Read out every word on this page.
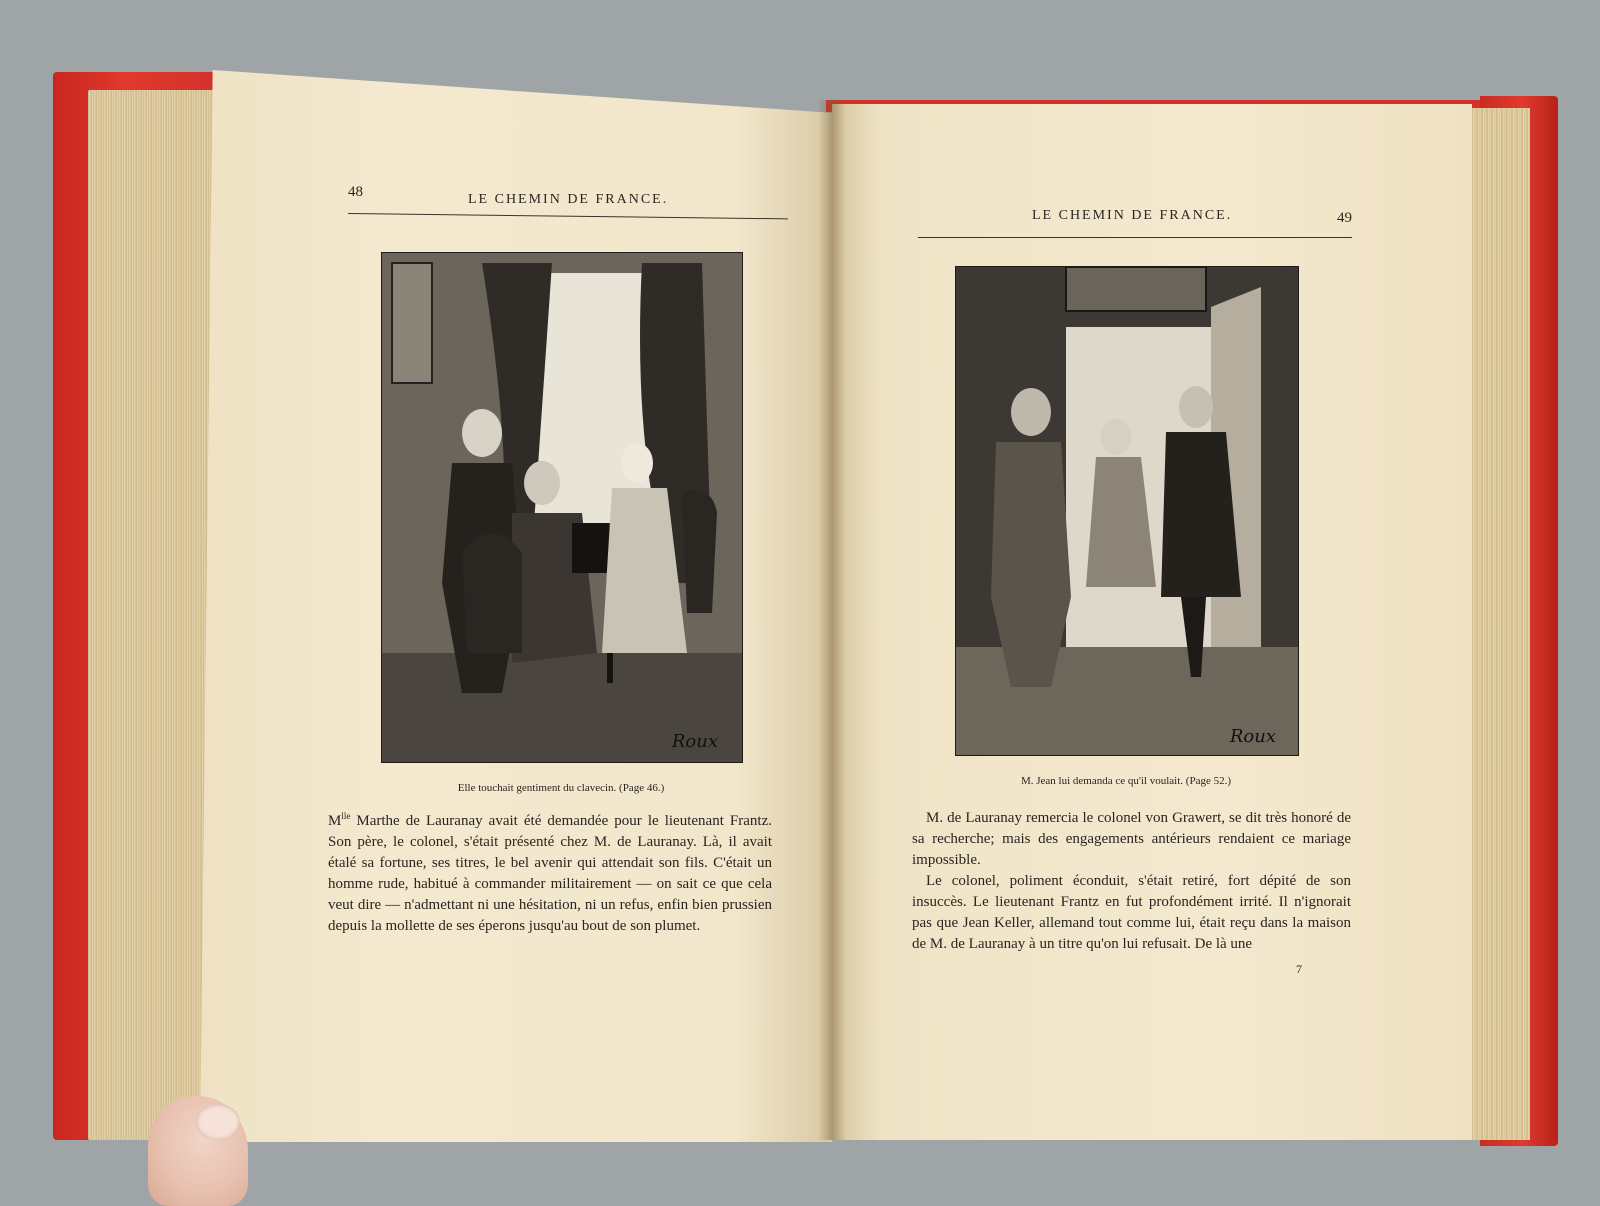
48	LE CHEMIN DE FRANCE.
Roux
Elle touchait gentiment du clavecin. (Page 46.)
$M^{lle}$ Marthe de Lauranay avait été demandée pour le lieutenant Frantz. Son père, le colonel, s'était présenté chez M. de Lauranay. Là, il avait étalé sa fortune, ses titres, le bel avenir qui attendait son fils. C'était un homme rude, habitué à commander militairement — on sait ce que cela veut dire — n'admettant ni une hésitation, ni un refus, enfin bien prussien depuis la mollette de ses éperons jusqu'au bout de son plumet.
LE CHEMIN DE FRANCE.	49
Roux
M. Jean lui demanda ce qu'il voulait. (Page 52.)
M. de Lauranay remercia le colonel von Grawert, se dit très honoré de sa recherche; mais des engagements antérieurs rendaient ce mariage impossible.
Le colonel, poliment éconduit, s'était retiré, fort dépité de son insuccès. Le lieutenant Frantz en fut profondément irrité. Il n'ignorait pas que Jean Keller, allemand tout comme lui, était reçu dans la maison de M. de Lauranay à un titre qu'on lui refusait. De là une
7
